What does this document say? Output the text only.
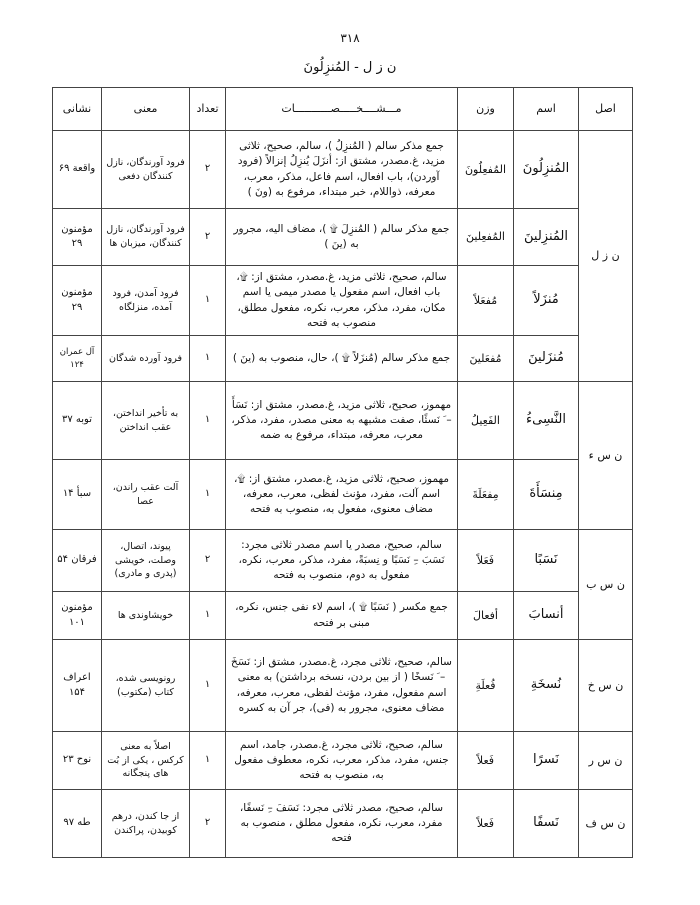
۳۱۸
ن ز ل - المُنزِلُونَ
اصل	اسم	وزن	مـــشــــخـــــصـــــــــــات	تعداد	معنی	نشانی
ن ز ل	المُنزِلُونَ	المُفعِلُونَ	جمع مذکر سالم ( المُنزِلُ )، سالم، صحیح، ثلاثی مزید، غ.مصدر، مشتق از: أنزَلَ یُنزِلُ إنزالاً (فرود آوردن)، باب افعال، اسم فاعل، مذکر، معرب، معرفه، ذواللام، خبر مبتداء، مرفوع به (ونَ )	۲	فرود آورندگان، نازل کنندگان دفعی	واقعة ۶۹
	المُنزِلینَ	المُفعِلینَ	جمع مذکر سالم ( المُنزِلَ ۩ )، مضاف الیه، مجرور به (ینَ )	۲	فرود آورندگان، نازل کنندگان، میزبان ها	مؤمنون ۲۹
	مُنزَلاً	مُفعَلاً	سالم، صحیح، ثلاثی مزید، غ.مصدر، مشتق از: ۩، باب افعال، اسم مفعول یا مصدر میمی یا اسم مکان، مفرد، مذکر، معرب، نکره، مفعول مطلق، منصوب به فتحه	۱	فرود آمدن، فرود آمده، منزلگاه	مؤمنون ۲۹
	مُنزَلینَ	مُفعَلینَ	جمع مذکر سالم (مُنزَلاً ۩ )، حال، منصوب به (ینَ )	۱	فرود آورده شدگان	آل عمران ۱۲۴
ن س ء	النَّسِیءُ	الفَعِیلُ	مهموز، صحیح، ثلاثی مزید، غ.مصدر، مشتق از: نَسَأَ – َ نَسئًا، صفت مشبهه به معنی مصدر، مفرد، مذکر، معرب، معرفه، مبتداء، مرفوع به ضمه	۱	به تأخیر انداختن، عقب انداختن	توبه ۳۷
	مِنسَأَةَ	مِفعَلَةَ	مهموز، صحیح، ثلاثی مزید، غ.مصدر، مشتق از: ۩، اسم آلت، مفرد، مؤنث لفظی، معرب، معرفه، مضاف معنوی، مفعول به، منصوب به فتحه	۱	آلت عقب راندن، عصا	سبأ ۱۴
ن س ب	نَسَبًا	فَعَلاً	سالم، صحیح، مصدر یا اسم مصدر ثلاثی مجرد: نَسَبَ –ِ نَسَبًا و نِسبَةً، مفرد، مذکر، معرب، نکره، مفعول به دوم، منصوب به فتحه	۲	پیوند، اتصال، وصلت، خویشی (پدری و مادری)	فرقان ۵۴
	أنسابَ	أفعالَ	جمع مکسر ( نَسَبًا ۩ )، اسم لاء نفی جنس، نکره، مبنی بر فتحه	۱	خویشاوندی ها	مؤمنون ۱۰۱
ن س خ	نُسخَةِ	فُعلَةِ	سالم، صحیح، ثلاثی مجرد، غ.مصدر، مشتق از: نَسَخَ – َ نَسخًا ( از بین بردن، نسخه برداشتن) به معنی اسم مفعول، مفرد، مؤنث لفظی، معرب، معرفه، مضاف معنوی، مجرور به (فی)، جر آن به کسره	۱	رونویسی شده، کتاب (مکتوب)	اعراف ۱۵۴
ن س ر	نَسرًا	فَعلاً	سالم، صحیح، ثلاثی مجرد، غ.مصدر، جامد، اسم جنس، مفرد، مذکر، معرب، نکره، معطوف مفعول به، منصوب به فتحه	۱	اصلاً به معنی کرکس ، یکی از بُت های پنجگانه	نوح ۲۳
ن س ف	نَسفًا	فَعلاً	سالم، صحیح، مصدر ثلاثی مجرد: نَسَفَ –ِ نَسفًا، مفرد، معرب، نکره، مفعول مطلق ، منصوب به فتحه	۲	از جا کندن، درهم کوبیدن، پراکندن	طه ۹۷
